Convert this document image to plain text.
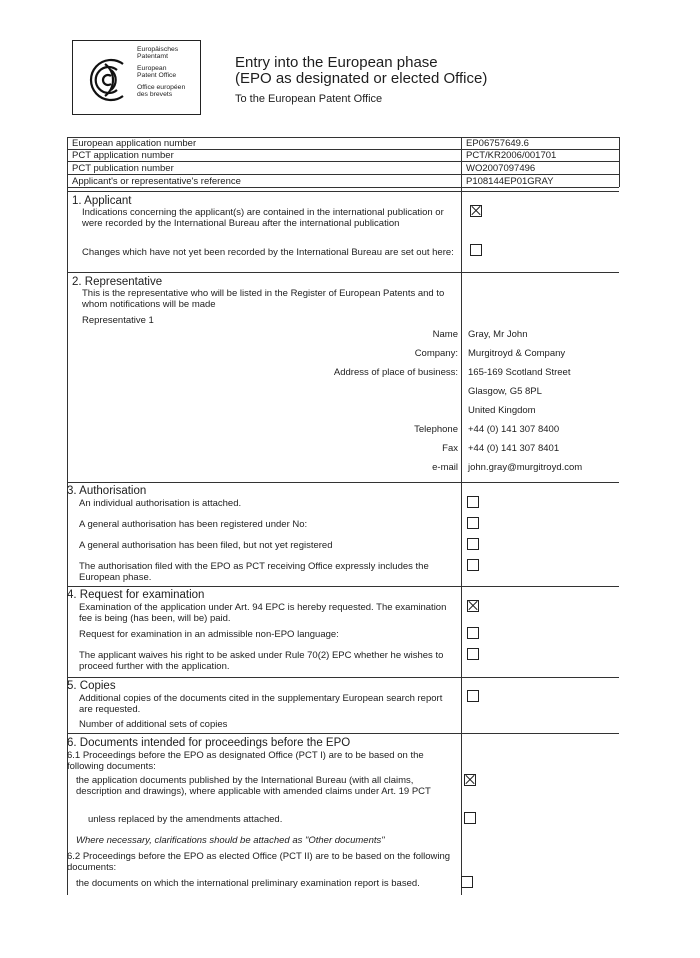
Europäisches
Patentamt
European
Patent Office
Office européen
des brevets
Entry into the European phase
(EPO as designated or elected Office)
To the European Patent Office
European application number	EP06757649.6
PCT application number	PCT/KR2006/001701
PCT publication number	WO2007097496
Applicant's or representative's reference	P108144EP01GRAY
1. Applicant
Indications concerning the applicant(s) are contained in the international publication or were recorded by the International Bureau after the international publication
Changes which have not yet been recorded by the International Bureau are set out here:
2. Representative
This is the representative who will be listed in the Register of European Patents and to whom notifications will be made
Representative 1
Name Gray, Mr John
Company: Murgitroyd & Company
Address of place of business: 165-169 Scotland Street
Glasgow, G5 8PL
United Kingdom
Telephone +44 (0) 141 307 8400
Fax +44 (0) 141 307 8401
e-mail john.gray@murgitroyd.com
3. Authorisation
An individual authorisation is attached.
A general authorisation has been registered under No:
A general authorisation has been filed, but not yet registered
The authorisation filed with the EPO as PCT receiving Office expressly includes the European phase.
4. Request for examination
Examination of the application under Art. 94 EPC is hereby requested. The examination fee is being (has been, will be) paid.
Request for examination in an admissible non-EPO language:
The applicant waives his right to be asked under Rule 70(2) EPC whether he wishes to proceed further with the application.
5. Copies
Additional copies of the documents cited in the supplementary European search report are requested.
Number of additional sets of copies
6. Documents intended for proceedings before the EPO
6.1 Proceedings before the EPO as designated Office (PCT I) are to be based on the following documents:
the application documents published by the International Bureau (with all claims, description and drawings), where applicable with amended claims under Art. 19 PCT
unless replaced by the amendments attached.
Where necessary, clarifications should be attached as "Other documents"
6.2 Proceedings before the EPO as elected Office (PCT II) are to be based on the following documents:
the documents on which the international preliminary examination report is based.
